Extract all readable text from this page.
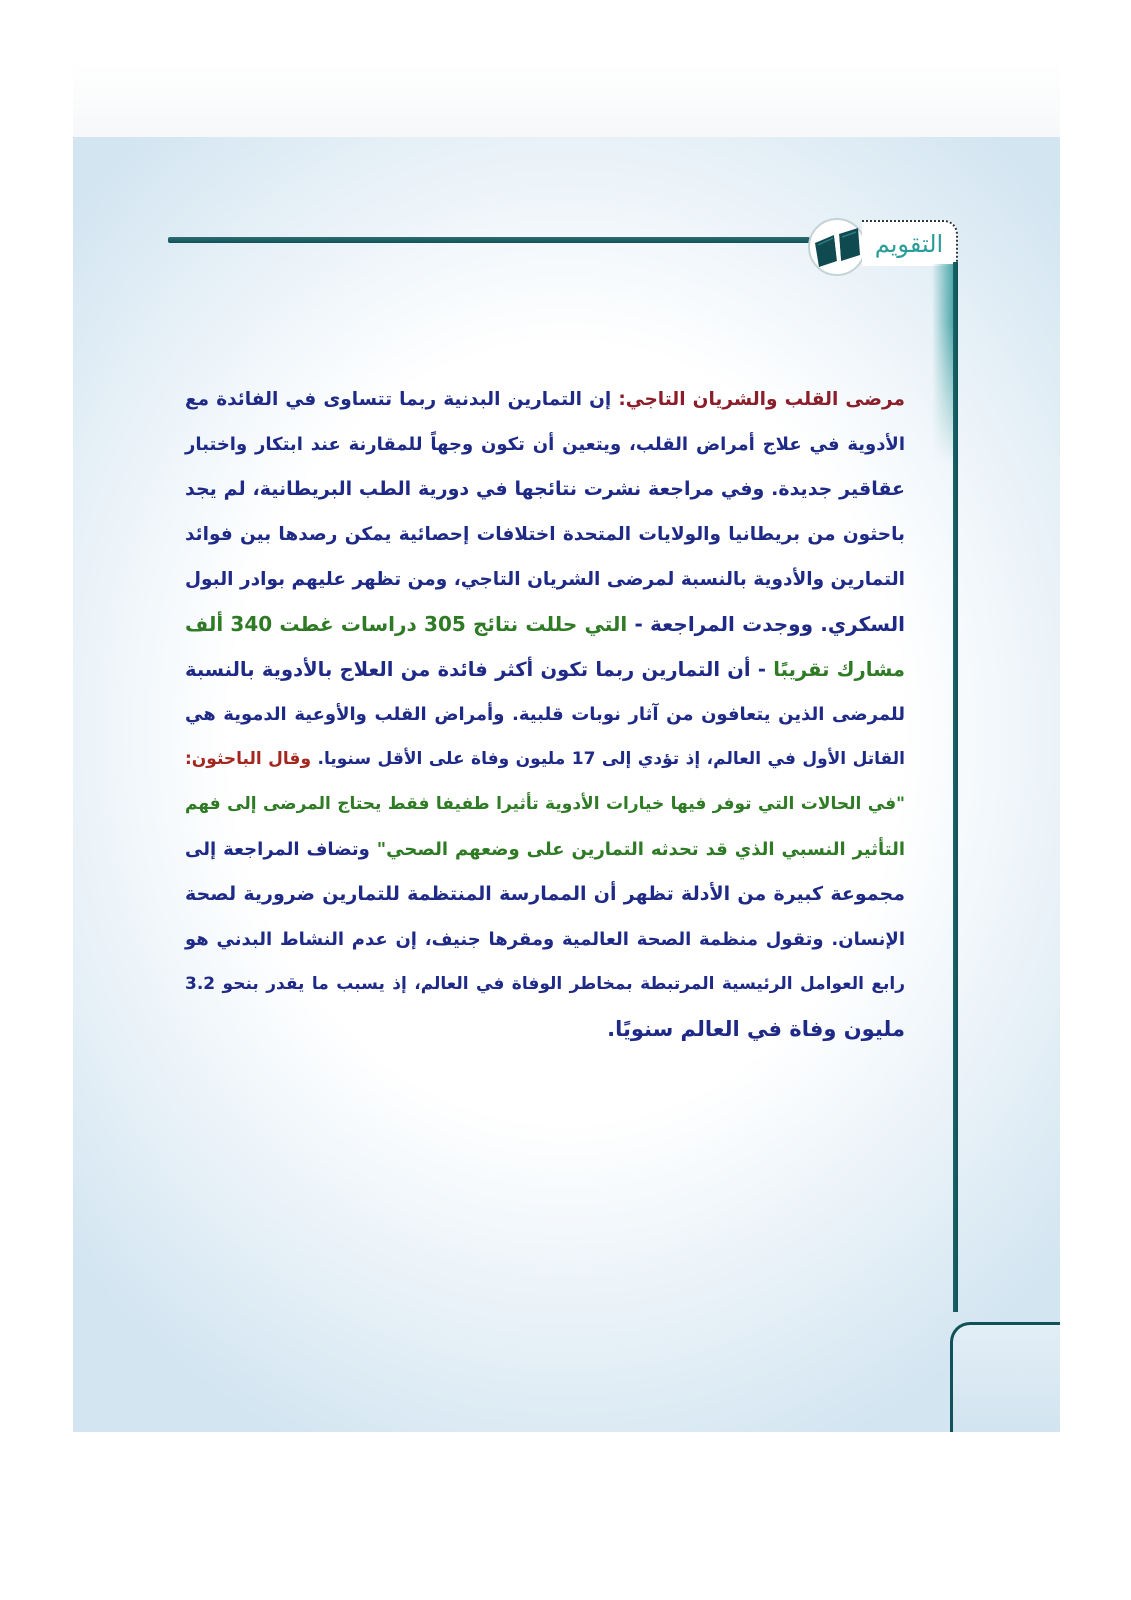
التقويم
مرضى القلب والشريان التاجي: إن التمارين البدنية ربما تتساوى في الفائدة مع
الأدوية في علاج أمراض القلب، ويتعين أن تكون وجهاً للمقارنة عند ابتكار واختبار
عقاقير جديدة. وفي مراجعة نشرت نتائجها في دورية الطب البريطانية، لم يجد
باحثون من بريطانيا والولايات المتحدة اختلافات إحصائية يمكن رصدها بين فوائد
التمارين والأدوية بالنسبة لمرضى الشريان التاجي، ومن تظهر عليهم بوادر البول
السكري. ووجدت المراجعة - التي حللت نتائج 305 دراسات غطت 340 ألف
مشارك تقريبًا - أن التمارين ربما تكون أكثر فائدة من العلاج بالأدوية بالنسبة
للمرضى الذين يتعافون من آثار نوبات قلبية. وأمراض القلب والأوعية الدموية هي
القاتل الأول في العالم، إذ تؤدي إلى 17 مليون وفاة على الأقل سنويا. وقال الباحثون:
"في الحالات التي توفر فيها خيارات الأدوية تأثيرا طفيفا فقط يحتاج المرضى إلى فهم
التأثير النسبي الذي قد تحدثه التمارين على وضعهم الصحي" وتضاف المراجعة إلى
مجموعة كبيرة من الأدلة تظهر أن الممارسة المنتظمة للتمارين ضرورية لصحة
الإنسان. وتقول منظمة الصحة العالمية ومقرها جنيف، إن عدم النشاط البدني هو
رابع العوامل الرئيسية المرتبطة بمخاطر الوفاة في العالم، إذ يسبب ما يقدر بنحو 3.2
مليون وفاة في العالم سنويًا.
